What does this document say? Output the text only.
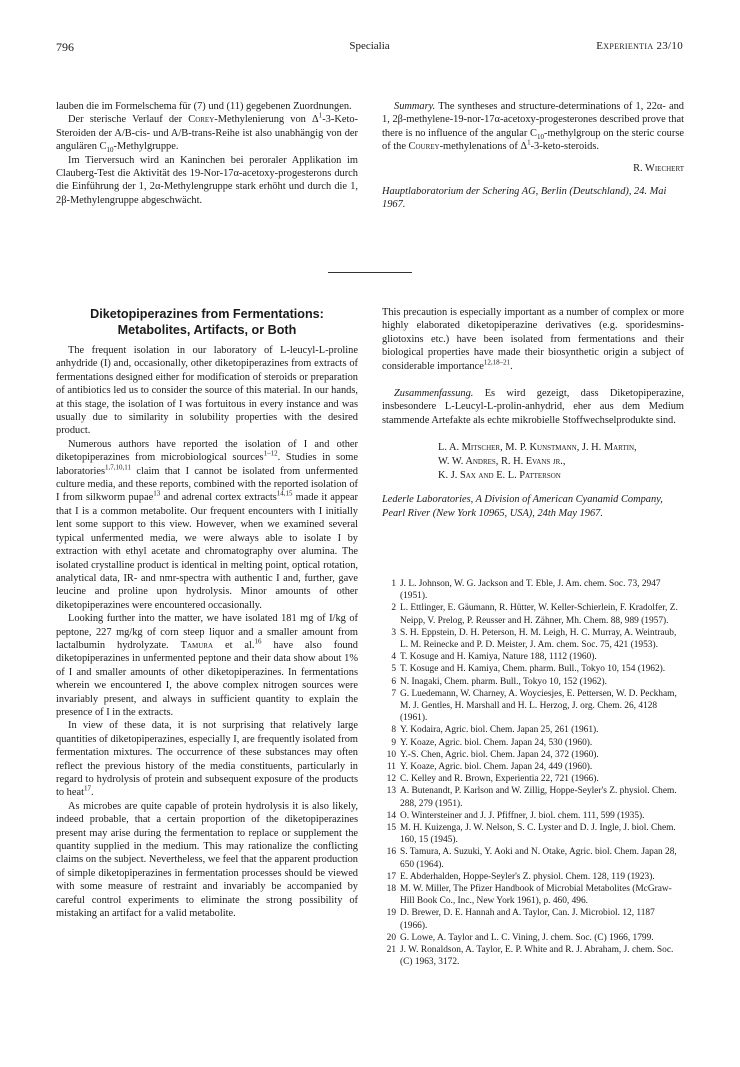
796	Specialia	Experientia 23/10

lauben die im Formelschema für (7) und (11) gegebenen Zuordnungen.

Der sterische Verlauf der Corey-Methylenierung von $\Delta^1-3-Keto$-Steroiden der A/B-cis- und A/B-trans-Reihe ist also unabhängig von der angulären $C_{10}$-Methylgruppe.

Im Tierversuch wird an Kaninchen bei peroraler Applikation im Clauberg-Test die Aktivität des 19-Nor-17α-acetoxy-progesterons durch die Einführung der 1, 2α-Methylengruppe stark erhöht und durch die 1, 2β-Methylengruppe abgeschwächt.

Summary. The syntheses and structure-determinations of 1, 22α- and 1, 2β-methylene-19-nor-17α-acetoxy-progesterones described prove that there is no influence of the angular $C_{10}$-methylgroup on the steric course of the Courey-methylenations of $\Delta^1-3-keto$-steroids.

R. Wiechert

Hauptlaboratorium der Schering AG, Berlin (Deutschland), 24. Mai 1967.

Diketopiperazines from Fermentations:
Metabolites, Artifacts, or Both

The frequent isolation in our laboratory of L-leucyl-L-proline anhydride (I) and, occasionally, other diketopiperazines from extracts of fermentations designed either for modification of steroids or preparation of antibiotics led us to consider the source of this material. In our hands, at this stage, the isolation of I was fortuitous in every instance and was usually due to similarity in solubility properties with the desired product.

Numerous authors have reported the isolation of I and other diketopiperazines from microbiological sources$^{1-12}$. Studies in some laboratories$^{1,7,10,11}$ claim that I cannot be isolated from unfermented culture media, and these reports, combined with the reported isolation of I from silkworm pupae$^{13}$ and adrenal cortex extracts$^{14,15}$ made it appear that I is a common metabolite. Our frequent encounters with I initially lent some support to this view. However, when we examined several typical unfermented media, we were always able to isolate I by extraction with ethyl acetate and chromatography over alumina. The isolated crystalline product is identical in melting point, optical rotation, analytical data, IR- and nmr-spectra with authentic I and, further, gave leucine and proline upon hydrolysis. Minor amounts of other diketopiperazines were encountered occasionally.

Looking further into the matter, we have isolated 181 mg of I/kg of peptone, 227 mg/kg of corn steep liquor and a smaller amount from lactalbumin hydrolyzate. Tamura et al.$^{16}$ have also found diketopiperazines in unfermented peptone and their data show about 1% of I and smaller amounts of other diketopiperazines. In fermentations wherein we encountered I, the above complex nitrogen sources were invariably present, and always in sufficient quantity to explain the presence of I in the extracts.

In view of these data, it is not surprising that relatively large quantities of diketopiperazines, especially I, are frequently isolated from fermentation mixtures. The occurrence of these substances may often reflect the previous history of the media constituents, particularly in regard to hydrolysis of protein and subsequent exposure of the products to heat$^{17}$.

As microbes are quite capable of protein hydrolysis it is also likely, indeed probable, that a certain proportion of the diketopiperazines present may arise during the fermentation to replace or supplement the quantity supplied in the medium. This may rationalize the conflicting claims on the subject. Nevertheless, we feel that the apparent production of simple diketopiperazines in fermentation processes should be viewed with some measure of restraint and invariably be accompanied by careful control experiments to eliminate the strong possibility of mistaking an artifact for a valid metabolite.

This precaution is especially important as a number of complex or more highly elaborated diketopiperazine derivatives (e.g. sporidesmins-gliotoxins etc.) have been isolated from fermentations and their biological properties have made their biosynthetic origin a subject of considerable importance$^{12,18-21}$.

Zusammenfassung. Es wird gezeigt, dass Diketopiperazine, insbesondere L-Leucyl-L-prolin-anhydrid, eher aus dem Medium stammende Artefakte als echte mikrobielle Stoffwechselprodukte sind.

L. A. Mitscher, M. P. Kunstmann, J. H. Martin,
W. W. Andres, R. H. Evans jr.,
K. J. Sax and E. L. Patterson

Lederle Laboratories, A Division of American Cyanamid Company, Pearl River (New York 10965, USA), 24th May 1967.

1 J. L. Johnson, W. G. Jackson and T. Eble, J. Am. chem. Soc. 73, 2947 (1951).
2 L. Ettlinger, E. Gäumann, R. Hütter, W. Keller-Schierlein, F. Kradolfer, Z. Neipp, V. Prelog, P. Reusser and H. Zähner, Mh. Chem. 88, 989 (1957).
3 S. H. Eppstein, D. H. Peterson, H. M. Leigh, H. C. Murray, A. Weintraub, L. M. Reinecke and P. D. Meister, J. Am. chem. Soc. 75, 421 (1953).
4 T. Kosuge and H. Kamiya, Nature 188, 1112 (1960).
5 T. Kosuge and H. Kamiya, Chem. pharm. Bull., Tokyo 10, 154 (1962).
6 N. Inagaki, Chem. pharm. Bull., Tokyo 10, 152 (1962).
7 G. Luedemann, W. Charney, A. Woyciesjes, E. Pettersen, W. D. Peckham, M. J. Gentles, H. Marshall and H. L. Herzog, J. org. Chem. 26, 4128 (1961).
8 Y. Kodaira, Agric. biol. Chem. Japan 25, 261 (1961).
9 Y. Koaze, Agric. biol. Chem. Japan 24, 530 (1960).
10 Y.-S. Chen, Agric. biol. Chem. Japan 24, 372 (1960).
11 Y. Koaze, Agric. biol. Chem. Japan 24, 449 (1960).
12 C. Kelley and R. Brown, Experientia 22, 721 (1966).
13 A. Butenandt, P. Karlson and W. Zillig, Hoppe-Seyler's Z. physiol. Chem. 288, 279 (1951).
14 O. Wintersteiner and J. J. Pfiffner, J. biol. chem. 111, 599 (1935).
15 M. H. Kuizenga, J. W. Nelson, S. C. Lyster and D. J. Ingle, J. biol. Chem. 160, 15 (1945).
16 S. Tamura, A. Suzuki, Y. Aoki and N. Otake, Agric. biol. Chem. Japan 28, 650 (1964).
17 E. Abderhalden, Hoppe-Seyler's Z. physiol. Chem. 128, 119 (1923).
18 M. W. Miller, The Pfizer Handbook of Microbial Metabolites (McGraw-Hill Book Co., Inc., New York 1961), p. 460, 496.
19 D. Brewer, D. E. Hannah and A. Taylor, Can. J. Microbiol. 12, 1187 (1966).
20 G. Lowe, A. Taylor and L. C. Vining, J. chem. Soc. (C) 1966, 1799.
21 J. W. Ronaldson, A. Taylor, E. P. White and R. J. Abraham, J. chem. Soc. (C) 1963, 3172.
